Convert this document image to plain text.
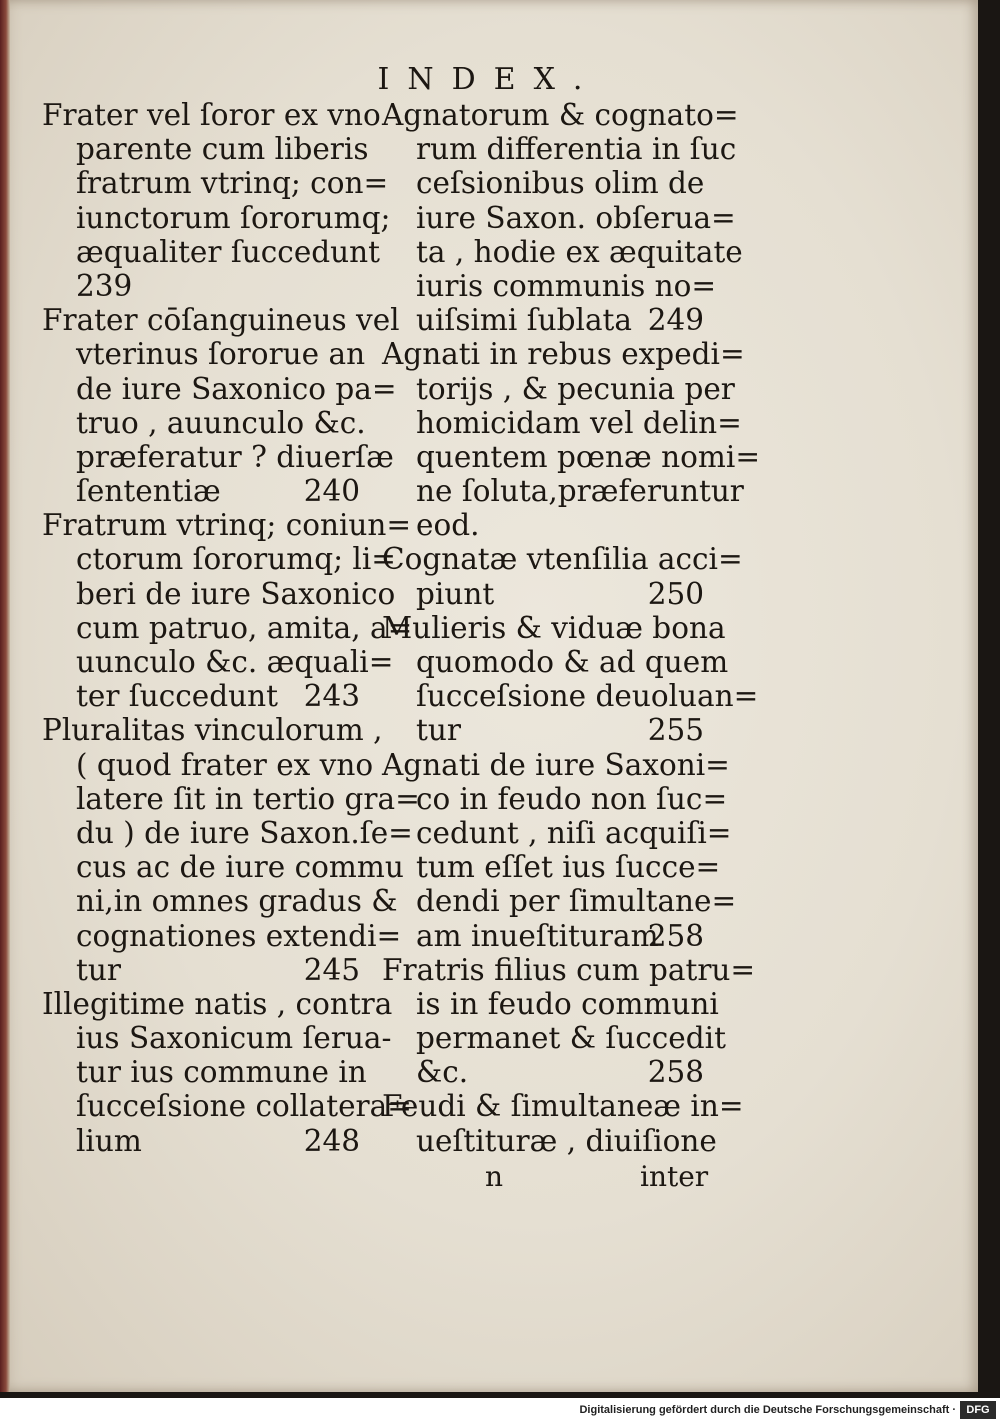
INDEX.
Frater vel ſoror ex vno
parente cum liberis
fratrum vtrinq; con=
iunctorum ſororumq;
æqualiter ſuccedunt
239
Frater cōſanguineus vel
vterinus ſororue an
de iure Saxonico pa=
truo , auunculo &c.
præferatur ? diuerſæ
ſententiæ	240
Fratrum vtrinq; coniun=
ctorum ſororumq; li=
beri de iure Saxonico
cum patruo, amita, a=
uunculo &c. æquali=
ter ſuccedunt 243
Pluralitas vinculorum ,
( quod frater ex vno
latere ſit in tertio gra=
du ) de iure Saxon.ſe=
cus ac de iure commu
ni,in omnes gradus &
cognationes extendi=
tur	245
Illegitime natis , contra
ius Saxonicum ſerua-
tur ius commune in
ſucceſsione collatera=
lium	248
Agnatorum & cognato=
rum differentia in ſuc
ceſsionibus olim de
iure Saxon. obſerua=
ta , hodie ex æquitate
iuris communis no=
uiſsimi ſublata 249
Agnati in rebus expedi=
torijs , & pecunia per
homicidam vel delin=
quentem pœnæ nomi=
ne ſoluta,præferuntur
eod.
Cognatæ vtenſilia acci=
piunt	250
Mulieris & viduæ bona
quomodo & ad quem
ſucceſsione deuoluan=
tur	255
Agnati de iure Saxoni=
co in feudo non ſuc=
cedunt , niſi acquiſi=
tum eſſet ius ſucce=
dendi per ſimultane=
am inueſtituram
258
Fratris filius cum patru=
is in feudo communi
permanet & ſuccedit
&c.	258
Feudi & ſimultaneæ in=
ueſtituræ , diuiſione
n	inter
Digitalisierung gefördert durch die Deutsche Forschungsgemeinschaft · DFG
